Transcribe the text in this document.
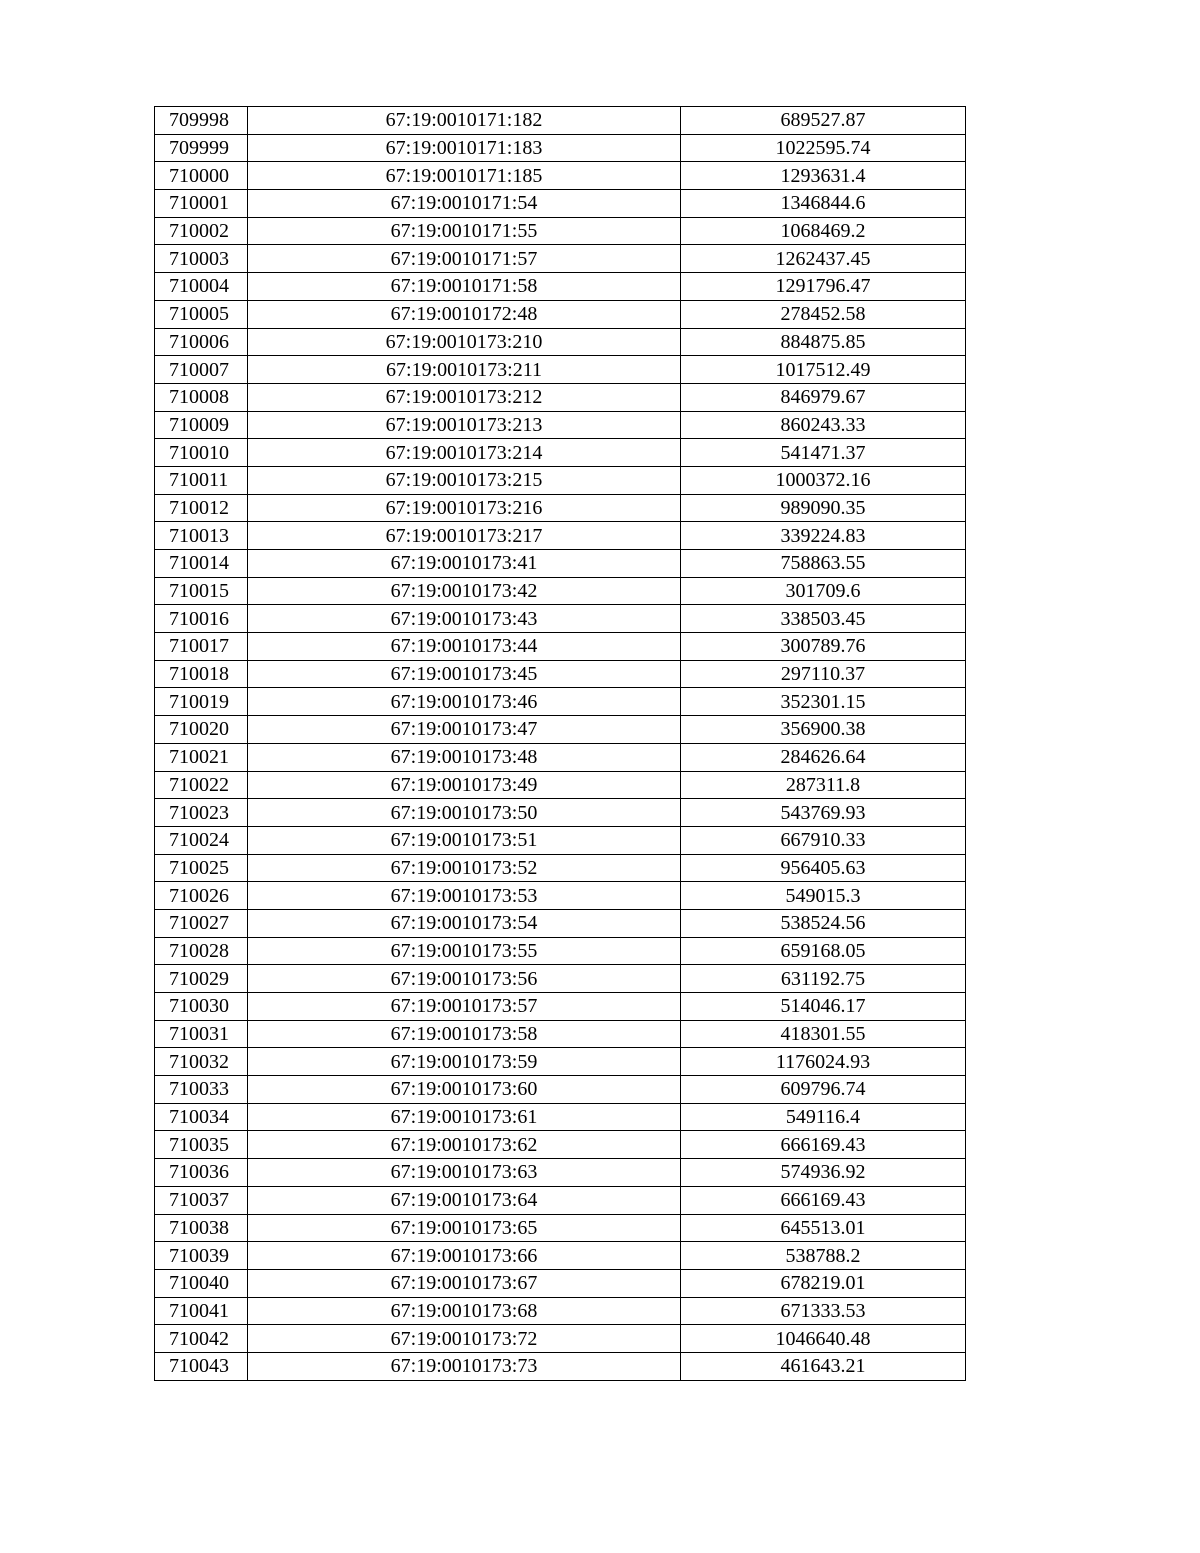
709998	67:19:0010171:182	689527.87
709999	67:19:0010171:183	1022595.74
710000	67:19:0010171:185	1293631.4
710001	67:19:0010171:54	1346844.6
710002	67:19:0010171:55	1068469.2
710003	67:19:0010171:57	1262437.45
710004	67:19:0010171:58	1291796.47
710005	67:19:0010172:48	278452.58
710006	67:19:0010173:210	884875.85
710007	67:19:0010173:211	1017512.49
710008	67:19:0010173:212	846979.67
710009	67:19:0010173:213	860243.33
710010	67:19:0010173:214	541471.37
710011	67:19:0010173:215	1000372.16
710012	67:19:0010173:216	989090.35
710013	67:19:0010173:217	339224.83
710014	67:19:0010173:41	758863.55
710015	67:19:0010173:42	301709.6
710016	67:19:0010173:43	338503.45
710017	67:19:0010173:44	300789.76
710018	67:19:0010173:45	297110.37
710019	67:19:0010173:46	352301.15
710020	67:19:0010173:47	356900.38
710021	67:19:0010173:48	284626.64
710022	67:19:0010173:49	287311.8
710023	67:19:0010173:50	543769.93
710024	67:19:0010173:51	667910.33
710025	67:19:0010173:52	956405.63
710026	67:19:0010173:53	549015.3
710027	67:19:0010173:54	538524.56
710028	67:19:0010173:55	659168.05
710029	67:19:0010173:56	631192.75
710030	67:19:0010173:57	514046.17
710031	67:19:0010173:58	418301.55
710032	67:19:0010173:59	1176024.93
710033	67:19:0010173:60	609796.74
710034	67:19:0010173:61	549116.4
710035	67:19:0010173:62	666169.43
710036	67:19:0010173:63	574936.92
710037	67:19:0010173:64	666169.43
710038	67:19:0010173:65	645513.01
710039	67:19:0010173:66	538788.2
710040	67:19:0010173:67	678219.01
710041	67:19:0010173:68	671333.53
710042	67:19:0010173:72	1046640.48
710043	67:19:0010173:73	461643.21
